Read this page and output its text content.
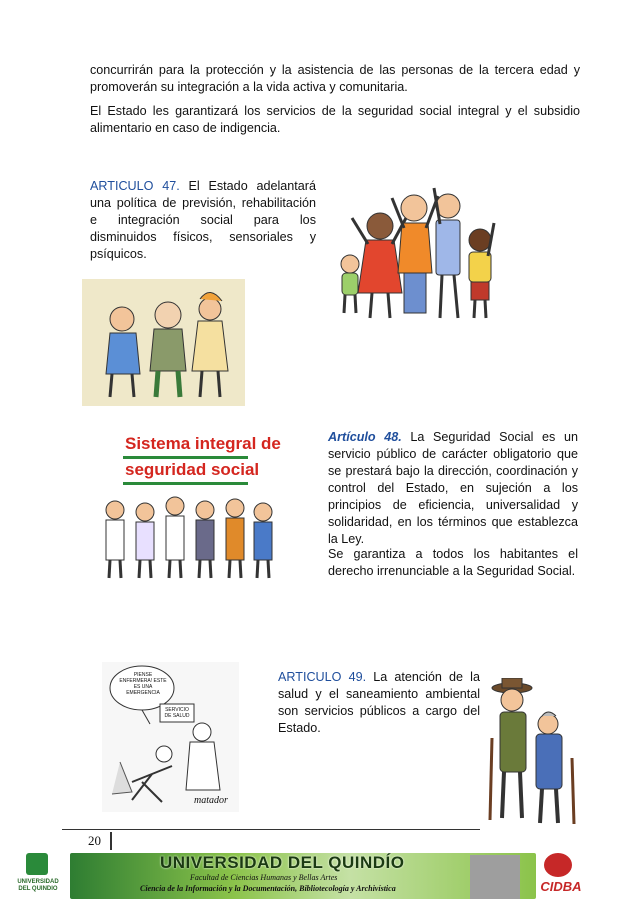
concurrirán para la protección y la asistencia de las personas de la tercera edad y promoverán su integración a la vida activa y comunitaria.
El Estado les garantizará los servicios de la seguridad social integral y el subsidio alimentario en caso de indigencia.
ARTICULO 47. El Estado adelantará una política de previsión, rehabilitación e integración social para los disminuidos físicos, sensoriales y psíquicos.
Sistema integral de
seguridad social
Artículo 48. La Seguridad Social es un servicio público de carácter obligatorio que se prestará bajo la dirección, coordinación y control del Estado, en sujeción a los principios de eficiencia, universalidad y solidaridad, en los términos que establezca la Ley.
Se garantiza a todos los habitantes el derecho irrenunciable a la Seguridad Social.
PIENSE ENFERMERA! ESTE ES UNA EMERGENCIA
SERVICIO DE SALUD
matador
ARTICULO 49. La atención de la salud y el saneamiento ambiental son servicios públicos a cargo del Estado.
20
UNIVERSIDAD DEL QUINDIO
UNIVERSIDAD DEL QUINDÍO
Facultad de Ciencias Humanas y Bellas Artes
Ciencia de la Información y la Documentación, Bibliotecología y Archivística	CIDBA
